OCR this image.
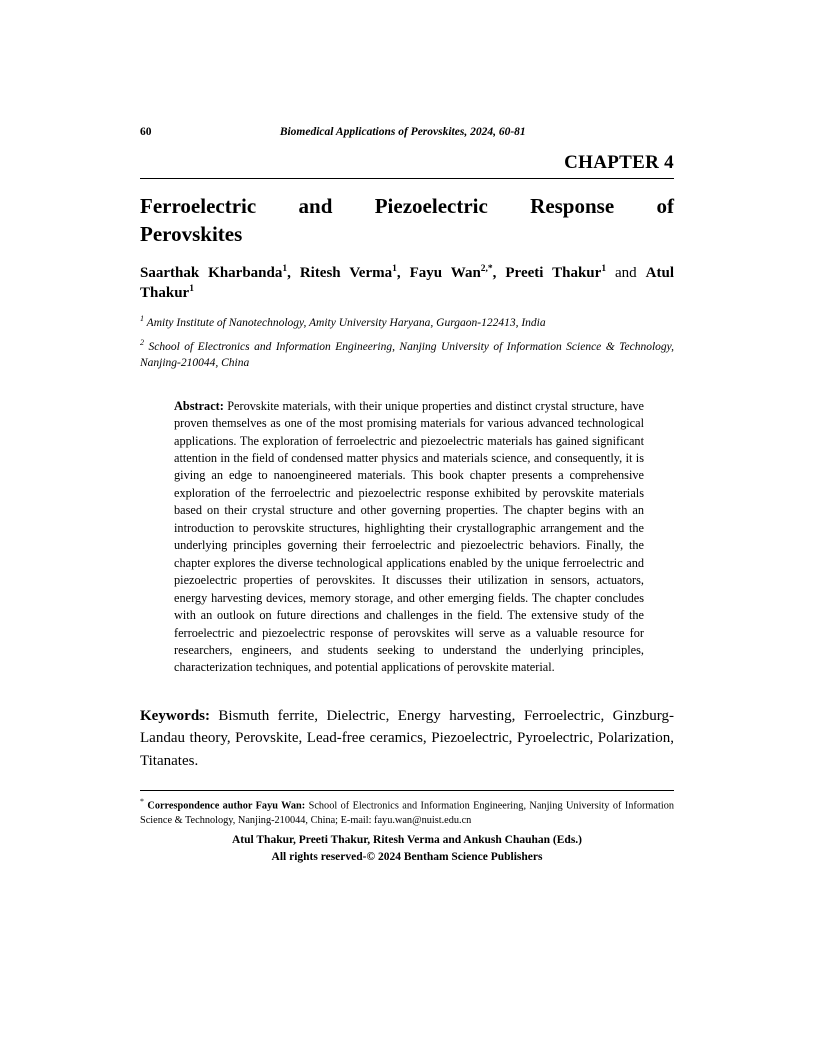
60	Biomedical Applications of Perovskites, 2024, 60-81
CHAPTER 4
Ferroelectric and Piezoelectric Response of
Perovskites
Saarthak Kharbanda$^1$, Ritesh Verma$^1$, Fayu Wan$^{2,*}$, Preeti Thakur$^1$ and Atul Thakur$^1$
$^1$ Amity Institute of Nanotechnology, Amity University Haryana, Gurgaon-122413, India
$^2$ School of Electronics and Information Engineering, Nanjing University of Information Science & Technology, Nanjing-210044, China
Abstract: Perovskite materials, with their unique properties and distinct crystal structure, have proven themselves as one of the most promising materials for various advanced technological applications. The exploration of ferroelectric and piezoelectric materials has gained significant attention in the field of condensed matter physics and materials science, and consequently, it is giving an edge to nanoengineered materials. This book chapter presents a comprehensive exploration of the ferroelectric and piezoelectric response exhibited by perovskite materials based on their crystal structure and other governing properties. The chapter begins with an introduction to perovskite structures, highlighting their crystallographic arrangement and the underlying principles governing their ferroelectric and piezoelectric behaviors. Finally, the chapter explores the diverse technological applications enabled by the unique ferroelectric and piezoelectric properties of perovskites. It discusses their utilization in sensors, actuators, energy harvesting devices, memory storage, and other emerging fields. The chapter concludes with an outlook on future directions and challenges in the field. The extensive study of the ferroelectric and piezoelectric response of perovskites will serve as a valuable resource for researchers, engineers, and students seeking to understand the underlying principles, characterization techniques, and potential applications of perovskite material.
Keywords: Bismuth ferrite, Dielectric, Energy harvesting, Ferroelectric, Ginzburg-Landau theory, Perovskite, Lead-free ceramics, Piezoelectric, Pyroelectric, Polarization, Titanates.
* Correspondence author Fayu Wan: School of Electronics and Information Engineering, Nanjing University of Information Science & Technology, Nanjing-210044, China; E-mail: fayu.wan@nuist.edu.cn
Atul Thakur, Preeti Thakur, Ritesh Verma and Ankush Chauhan (Eds.)
All rights reserved-© 2024 Bentham Science Publishers
